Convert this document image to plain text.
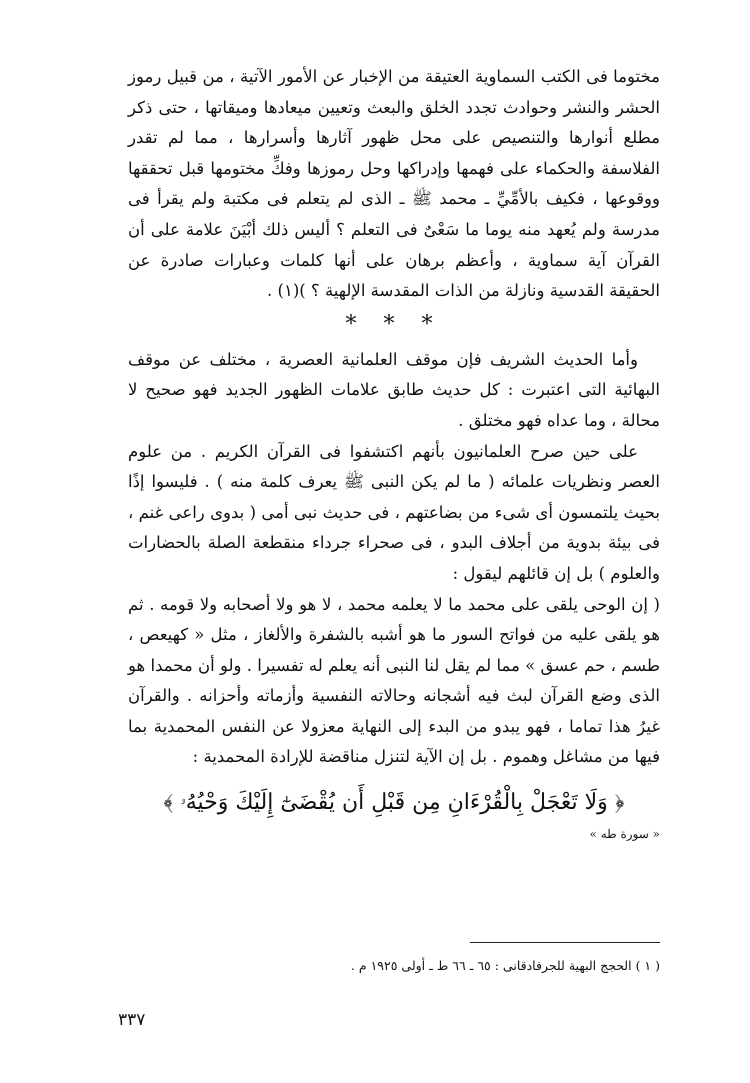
مختوما فى الكتب السماوية العتيقة من الإخبار عن الأمور الآتية ، من قبيل رموز الحشر والنشر وحوادث تجدد الخلق والبعث وتعيين ميعادها وميقاتها ، حتى ذكر مطلع أنوارها والتنصيص على محل ظهور آثارها وأسرارها ، مما لم تقدر الفلاسفة والحكماء على فهمها وإدراكها وحل رموزها وفكِّ مختومها قبل تحققها ووقوعها ، فكيف بالأمِّيِّ ـ محمد ﷺ ـ الذى لم يتعلم فى مكتبة ولم يقرأ فى مدرسة ولم يُعهد منه يوما ما سَعْىٌ فى التعلم ؟ أليس ذلك أبْيَنَ علامة على أن القرآن آية سماوية ، وأعظم برهان على أنها كلمات وعبارات صادرة عن الحقيقة القدسية ونازلة من الذات المقدسة الإلهية ؟ )(١) .

* * *

وأما الحديث الشريف فإن موقف العلمانية العصرية ، مختلف عن موقف البهائية التى اعتبرت : كل حديث طابق علامات الظهور الجديد فهو صحيح لا محالة ، وما عداه فهو مختلق .

على حين صرح العلمانيون بأنهم اكتشفوا فى القرآن الكريم . من علوم العصر ونظريات علمائه ( ما لم يكن النبى ﷺ يعرف كلمة منه ) . فليسوا إذًا بحيث يلتمسون أى شىء من بضاعتهم ، فى حديث نبى أمى ( بدوى راعى غنم ، فى بيئة بدوية من أجلاف البدو ، فى صحراء جرداء منقطعة الصلة بالحضارات والعلوم ) بل إن قائلهم ليقول :

( إن الوحى يلقى على محمد ما لا يعلمه محمد ، لا هو ولا أصحابه ولا قومه . ثم هو يلقى عليه من فواتح السور ما هو أشبه بالشفرة والألغاز ، مثل « كهيعص ، طسم ، حم عسق » مما لم يقل لنا النبى أنه يعلم له تفسيرا . ولو أن محمدا هو الذى وضع القرآن لبث فيه أشجانه وحالاته النفسية وأزماته وأحزانه . والقرآن غيرُ هذا تماما ، فهو يبدو من البدء إلى النهاية معزولا عن النفس المحمدية بما فيها من مشاغل وهموم . بل إن الآية لتنزل مناقضة للإرادة المحمدية :

﴿ وَلَا تَعْجَلْ بِالْقُرْءَانِ مِن قَبْلِ أَن يُقْضَىٰٓ إِلَيْكَ وَحْيُهُۥ ﴾
« سورة طه »
( ١ ) الحجج البهية للجرفادقانى : ٦٥ ـ ٦٦ ط ـ أولى ١٩٢٥ م .
٣٣٧
